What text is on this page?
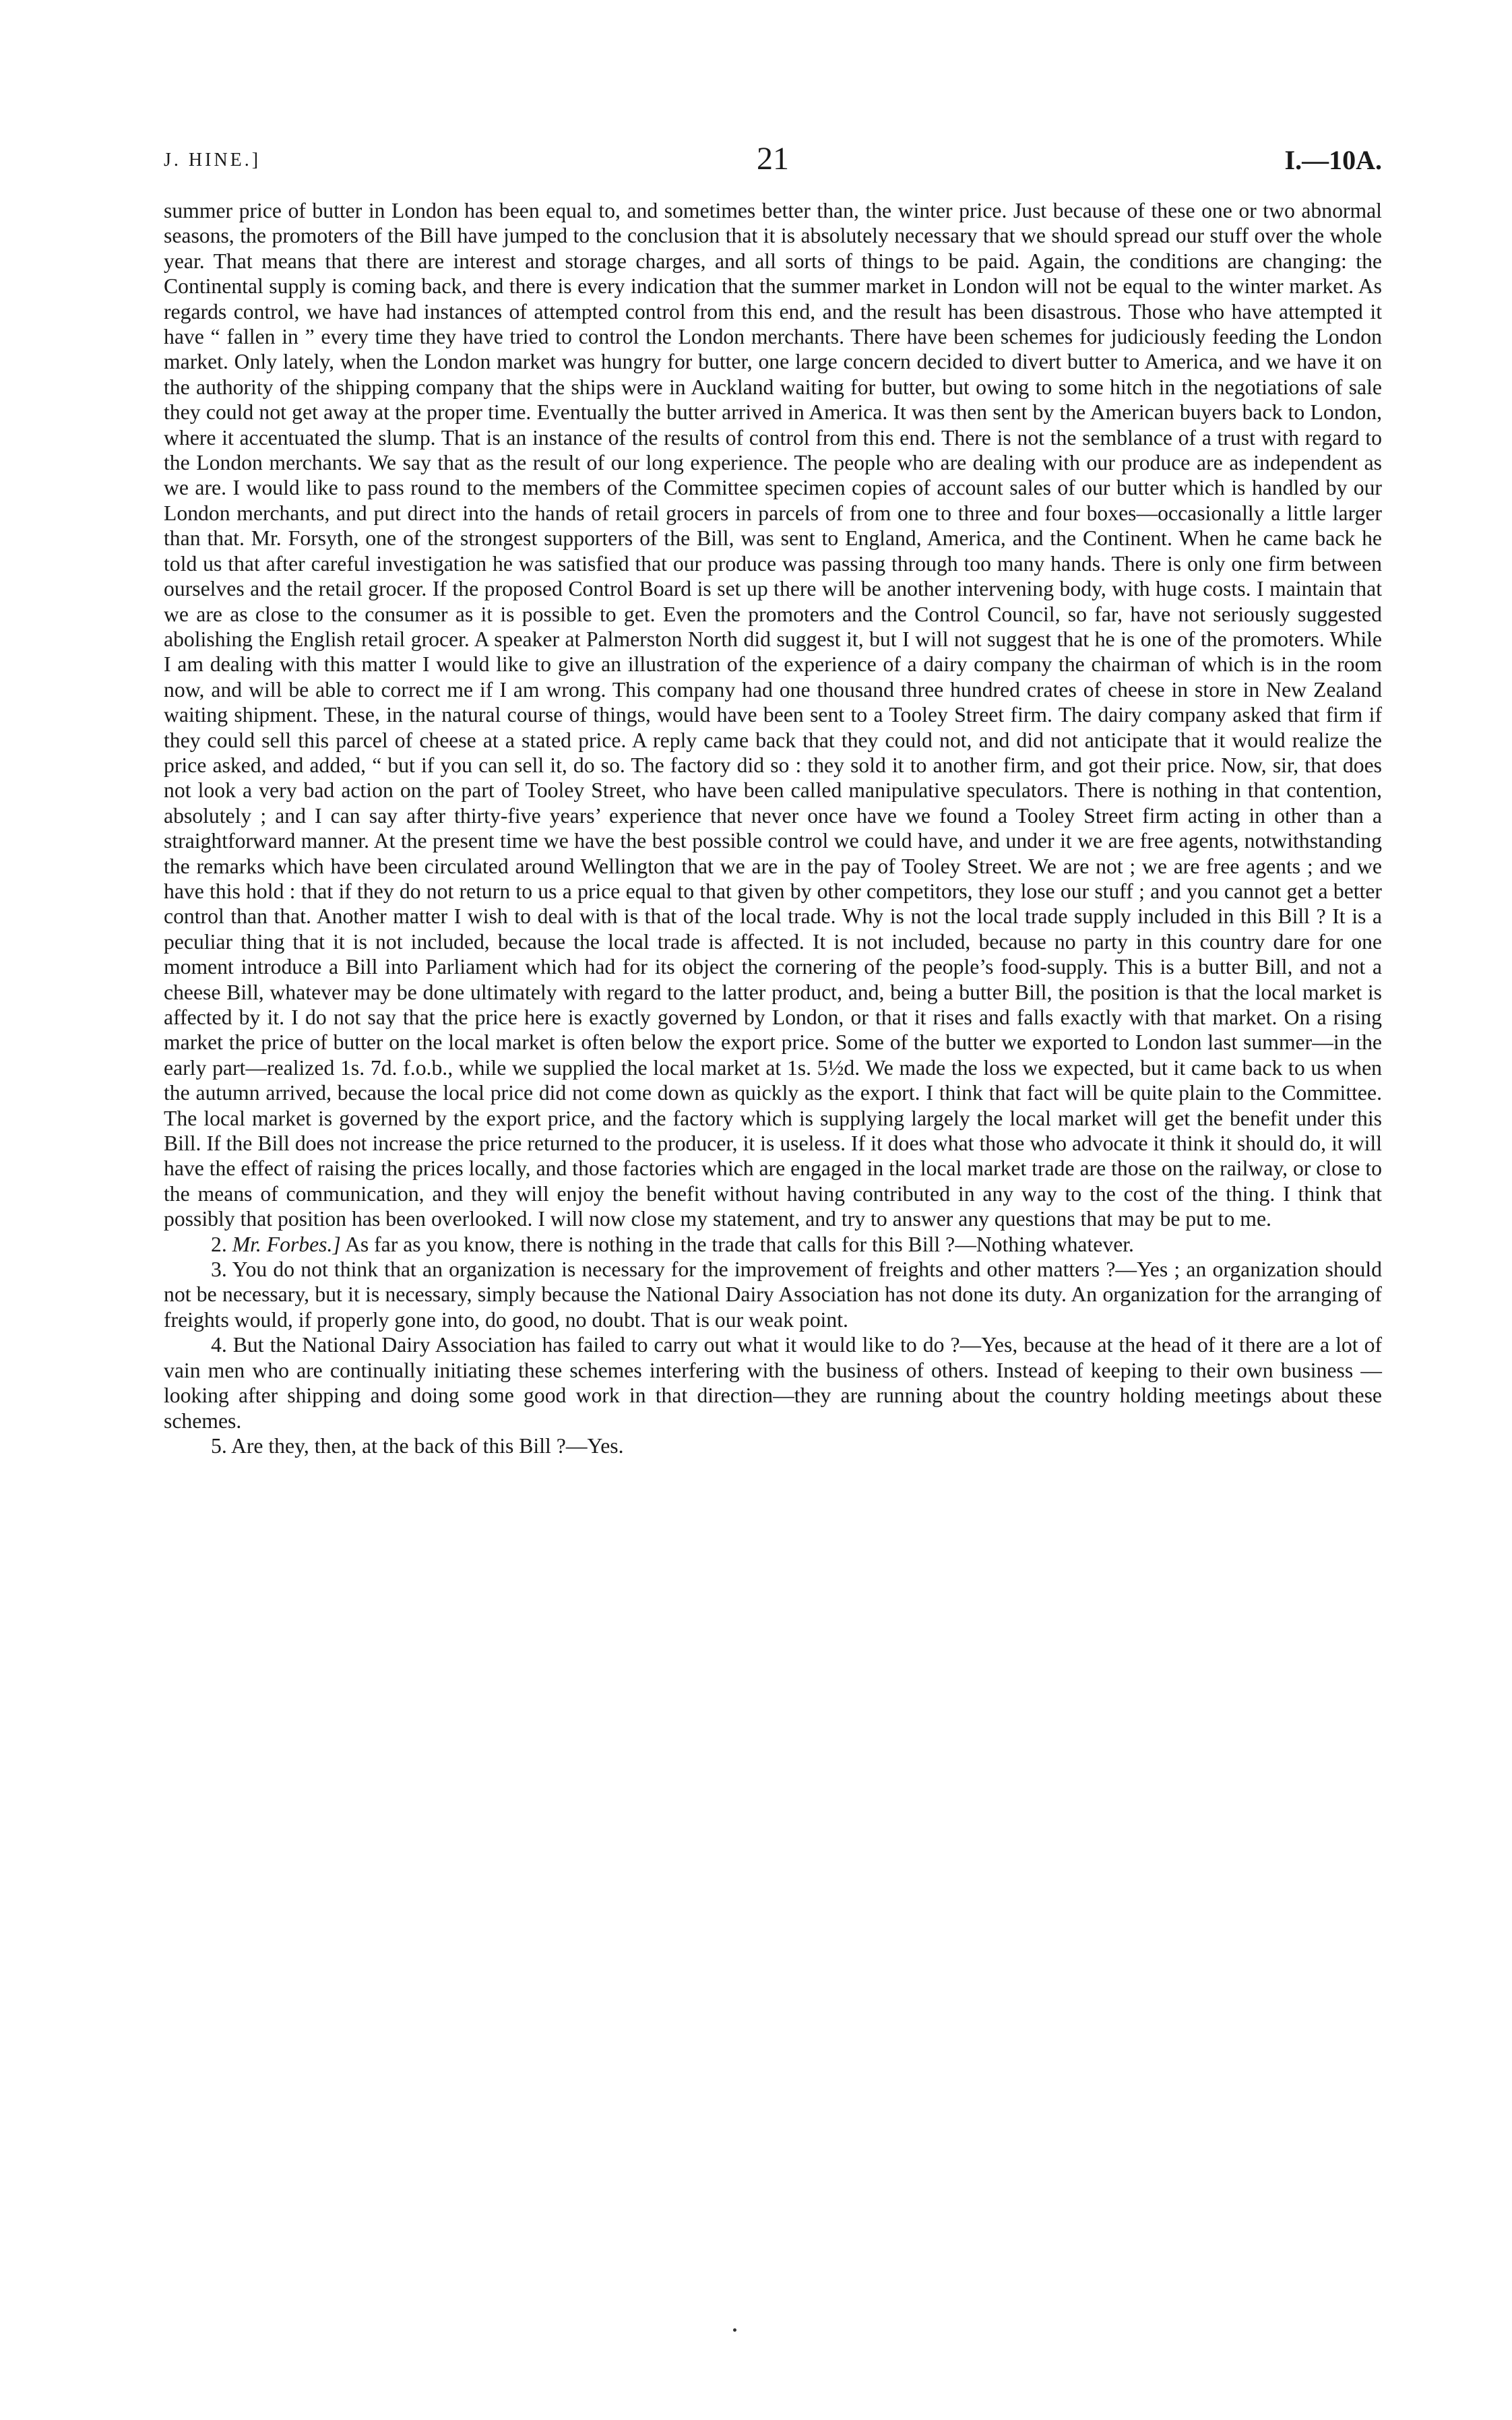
J. HINE.]	21	I.—10A.

summer price of butter in London has been equal to, and sometimes better than, the winter price. Just because of these one or two abnormal seasons, the promoters of the Bill have jumped to the conclusion that it is absolutely necessary that we should spread our stuff over the whole year. That means that there are interest and storage charges, and all sorts of things to be paid. Again, the conditions are changing: the Continental supply is coming back, and there is every indication that the summer market in London will not be equal to the winter market. As regards control, we have had instances of attempted control from this end, and the result has been disastrous. Those who have attempted it have “ fallen in ” every time they have tried to control the London merchants. There have been schemes for judiciously feeding the London market. Only lately, when the London market was hungry for butter, one large concern decided to divert butter to America, and we have it on the authority of the shipping company that the ships were in Auckland waiting for butter, but owing to some hitch in the negotiations of sale they could not get away at the proper time. Eventually the butter arrived in America. It was then sent by the American buyers back to London, where it accentuated the slump. That is an instance of the results of control from this end. There is not the semblance of a trust with regard to the London merchants. We say that as the result of our long experience. The people who are dealing with our produce are as independent as we are. I would like to pass round to the members of the Committee specimen copies of account sales of our butter which is handled by our London merchants, and put direct into the hands of retail grocers in parcels of from one to three and four boxes—occasionally a little larger than that. Mr. Forsyth, one of the strongest supporters of the Bill, was sent to England, America, and the Continent. When he came back he told us that after careful investigation he was satisfied that our produce was passing through too many hands. There is only one firm between ourselves and the retail grocer. If the proposed Control Board is set up there will be another intervening body, with huge costs. I maintain that we are as close to the consumer as it is possible to get. Even the promoters and the Control Council, so far, have not seriously suggested abolishing the English retail grocer. A speaker at Palmerston North did suggest it, but I will not suggest that he is one of the promoters. While I am dealing with this matter I would like to give an illustration of the experience of a dairy company the chairman of which is in the room now, and will be able to correct me if I am wrong. This company had one thousand three hundred crates of cheese in store in New Zealand waiting shipment. These, in the natural course of things, would have been sent to a Tooley Street firm. The dairy company asked that firm if they could sell this parcel of cheese at a stated price. A reply came back that they could not, and did not anticipate that it would realize the price asked, and added, “ but if you can sell it, do so. The factory did so : they sold it to another firm, and got their price. Now, sir, that does not look a very bad action on the part of Tooley Street, who have been called manipulative speculators. There is nothing in that contention, absolutely ; and I can say after thirty-five years’ experience that never once have we found a Tooley Street firm acting in other than a straightforward manner. At the present time we have the best possible control we could have, and under it we are free agents, notwithstanding the remarks which have been circulated around Wellington that we are in the pay of Tooley Street. We are not ; we are free agents ; and we have this hold : that if they do not return to us a price equal to that given by other competitors, they lose our stuff ; and you cannot get a better control than that. Another matter I wish to deal with is that of the local trade. Why is not the local trade supply included in this Bill ? It is a peculiar thing that it is not included, because the local trade is affected. It is not included, because no party in this country dare for one moment introduce a Bill into Parliament which had for its object the cornering of the people’s food-supply. This is a butter Bill, and not a cheese Bill, whatever may be done ultimately with regard to the latter product, and, being a butter Bill, the position is that the local market is affected by it. I do not say that the price here is exactly governed by London, or that it rises and falls exactly with that market. On a rising market the price of butter on the local market is often below the export price. Some of the butter we exported to London last summer—in the early part—realized 1s. 7d. f.o.b., while we supplied the local market at 1s. 5½d. We made the loss we expected, but it came back to us when the autumn arrived, because the local price did not come down as quickly as the export. I think that fact will be quite plain to the Committee. The local market is governed by the export price, and the factory which is supplying largely the local market will get the benefit under this Bill. If the Bill does not increase the price returned to the producer, it is useless. If it does what those who advocate it think it should do, it will have the effect of raising the prices locally, and those factories which are engaged in the local market trade are those on the railway, or close to the means of communication, and they will enjoy the benefit without having contributed in any way to the cost of the thing. I think that possibly that position has been overlooked. I will now close my statement, and try to answer any questions that may be put to me.

2. Mr. Forbes.] As far as you know, there is nothing in the trade that calls for this Bill ?—Nothing whatever.

3. You do not think that an organization is necessary for the improvement of freights and other matters ?—Yes ; an organization should not be necessary, but it is necessary, simply because the National Dairy Association has not done its duty. An organization for the arranging of freights would, if properly gone into, do good, no doubt. That is our weak point.

4. But the National Dairy Association has failed to carry out what it would like to do ?—Yes, because at the head of it there are a lot of vain men who are continually initiating these schemes interfering with the business of others. Instead of keeping to their own business — looking after shipping and doing some good work in that direction—they are running about the country holding meetings about these schemes.

5. Are they, then, at the back of this Bill ?—Yes.
